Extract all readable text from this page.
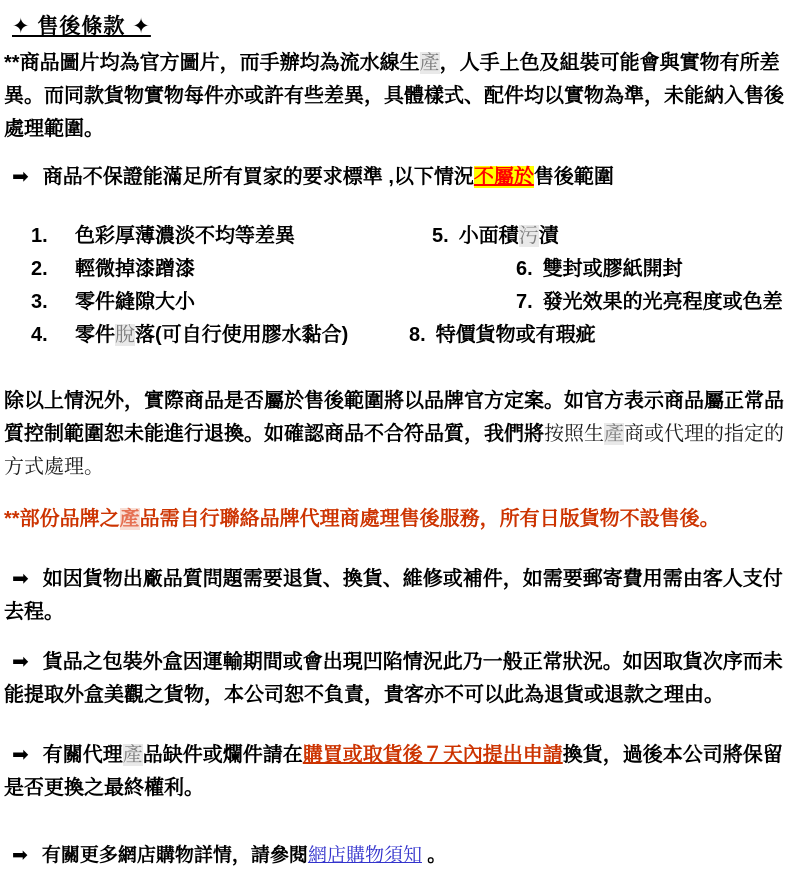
✦ 售後條款 ✦

**商品圖片均為官方圖片，而手辦均為流水線生產，人手上色及組裝可能會與實物有所差異。而同款貨物實物每件亦或許有些差異，具體樣式、配件均以實物為準，未能納入售後處理範圍。

➡ 商品不保證能滿足所有買家的要求標準 ,以下情況不屬於售後範圍

1. 色彩厚薄濃淡不均等差異	5. 小面積污漬
2. 輕微掉漆蹭漆	6. 雙封或膠紙開封
3. 零件縫隙大小	7. 發光效果的光亮程度或色差
4. 零件脫落(可自行使用膠水黏合)	8. 特價貨物或有瑕疵

除以上情況外，實際商品是否屬於售後範圍將以品牌官方定案。如官方表示商品屬正常品質控制範圍恕未能進行退換。如確認商品不合符品質，我們將按照生產商或代理的指定的方式處理。

**部份品牌之產品需自行聯絡品牌代理商處理售後服務，所有日版貨物不設售後。

➡ 如因貨物出廠品質問題需要退貨、換貨、維修或補件，如需要郵寄費用需由客人支付去程。

➡ 貨品之包裝外盒因運輸期間或會出現凹陷情況此乃一般正常狀況。如因取貨次序而未能提取外盒美觀之貨物，本公司恕不負責，貴客亦不可以此為退貨或退款之理由。

➡ 有關代理產品缺件或爛件請在購買或取貨後７天內提出申請換貨，過後本公司將保留是否更換之最終權利。

➡ 有關更多網店購物詳情，請參閱網店購物須知 。
